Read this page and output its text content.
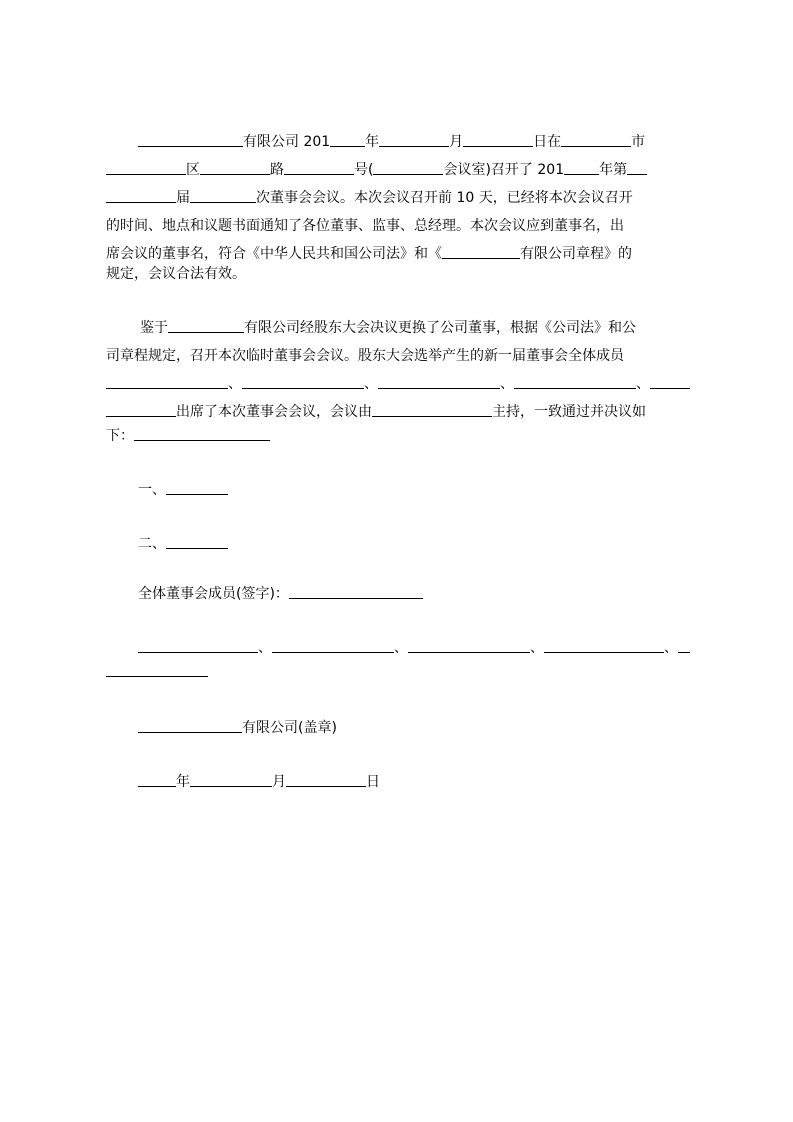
有限公司 201	年	月	日在	市
区	路	号(	会议室)召开了 201	年第
届	次董事会会议。本次会议召开前 10 天，已经将本次会议召开
的时间、地点和议题书面通知了各位董事、监事、总经理。本次会议应到董事名，出
席会议的董事名，符合《中华人民共和国公司法》和《	有限公司章程》的
规定，会议合法有效。
鉴于	有限公司经股东大会决议更换了公司董事，根据《公司法》和公
司章程规定，召开本次临时董事会会议。股东大会选举产生的新一届董事会全体成员
、	、	、	、
出席了本次董事会会议，会议由	主持，一致通过并决议如
下：
一、
二、
全体董事会成员(签字)：
、	、	、	、
有限公司(盖章)
年	月	日
